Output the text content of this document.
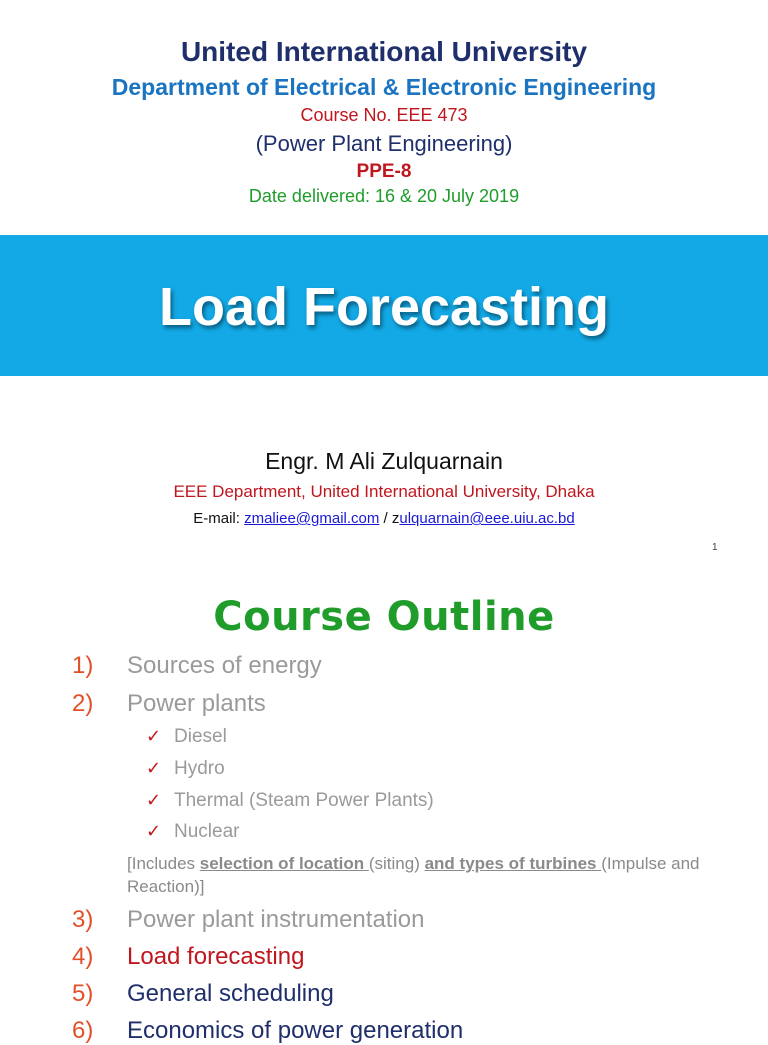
United International University
Department of Electrical & Electronic Engineering
Course No. EEE 473
(Power Plant Engineering)
PPE-8
Date delivered: 16 & 20 July 2019
Load Forecasting
Engr. M Ali Zulquarnain
EEE Department, United International University, Dhaka
E-mail: zmaliee@gmail.com / zulquarnain@eee.uiu.ac.bd
1
Course Outline
1) Sources of energy
2) Power plants
✓ Diesel
✓ Hydro
✓ Thermal (Steam Power Plants)
✓ Nuclear
[Includes selection of location (siting) and types of turbines (Impulse and Reaction)]
3) Power plant instrumentation
4) Load forecasting
5) General scheduling
6) Economics of power generation
